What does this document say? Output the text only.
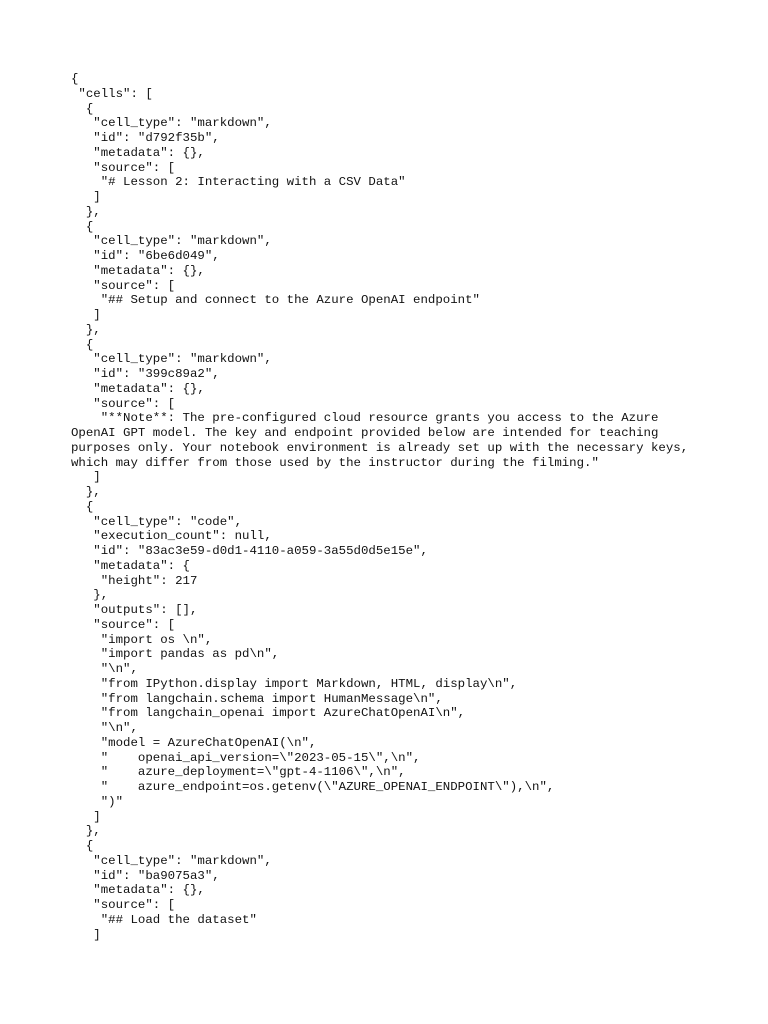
{
"cells": [
{
"cell_type": "markdown",
"id": "d792f35b",
"metadata": {},
"source": [
"# Lesson 2: Interacting with a CSV Data"
]
},
{
"cell_type": "markdown",
"id": "6be6d049",
"metadata": {},
"source": [
"## Setup and connect to the Azure OpenAI endpoint"
]
},
{
"cell_type": "markdown",
"id": "399c89a2",
"metadata": {},
"source": [
"**Note**: The pre-configured cloud resource grants you access to the Azure
OpenAI GPT model. The key and endpoint provided below are intended for teaching
purposes only. Your notebook environment is already set up with the necessary keys,
which may differ from those used by the instructor during the filming."
]
},
{
"cell_type": "code",
"execution_count": null,
"id": "83ac3e59-d0d1-4110-a059-3a55d0d5e15e",
"metadata": {
"height": 217
},
"outputs": [],
"source": [
"import os \n",
"import pandas as pd\n",
"\n",
"from IPython.display import Markdown, HTML, display\n",
"from langchain.schema import HumanMessage\n",
"from langchain_openai import AzureChatOpenAI\n",
"\n",
"model = AzureChatOpenAI(\n",
"    openai_api_version=\"2023-05-15\",\n",
"    azure_deployment=\"gpt-4-1106\",\n",
"    azure_endpoint=os.getenv(\"AZURE_OPENAI_ENDPOINT\"),\n",
")"
]
},
{
"cell_type": "markdown",
"id": "ba9075a3",
"metadata": {},
"source": [
"## Load the dataset"
]
